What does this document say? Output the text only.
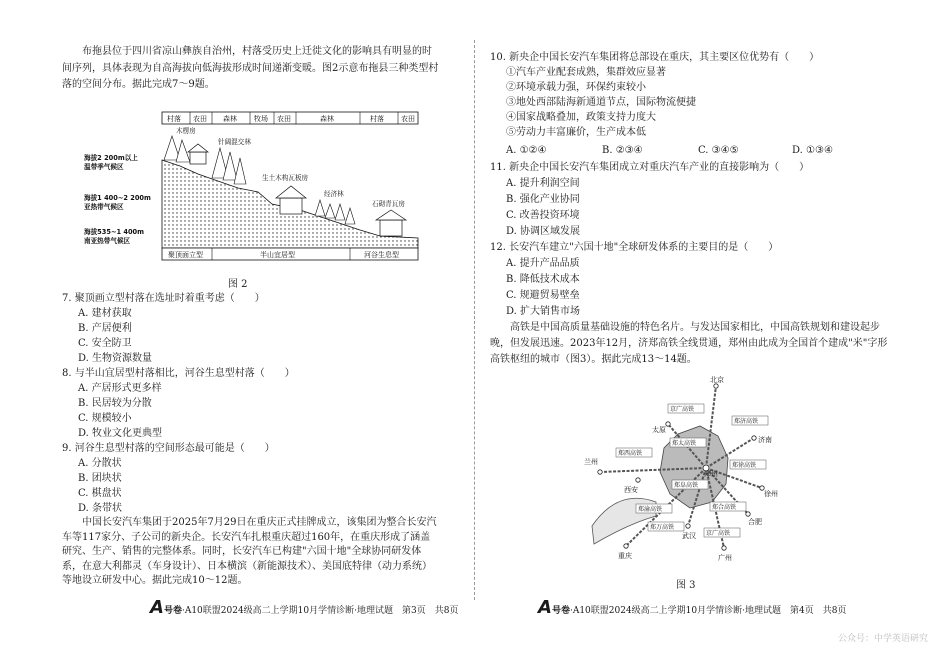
布拖县位于四川省凉山彝族自治州，村落受历史上迁徙文化的影响具有明显的时间序列，具体表现为自高海拔向低海拔形成时间递渐变暖。图2示意布拖县三种类型村落的空间分布。据此完成7～9题。
村落 农田 森林 牧场 农田	森林	村落 农田
海拔2 200m以上
温带季气候区
海拔1 400~2 200m
亚热带气候区
海拔535~1 400m
南亚热带气候区
木楞房
针阔混交林
生土木构瓦板房
经济林
石砌青瓦房
聚顶面立型	半山宜居型	河谷生息型
图 2
7. 聚顶画立型村落在选址时着重考虑（　　）
A. 建材获取
B. 产居便利
C. 安全防卫
D. 生物资源数量
8. 与半山宜居型村落相比，河谷生息型村落（　　）
A. 产居形式更多样
B. 民居较为分散
C. 规模较小
D. 牧业文化更典型
9. 河谷生息型村落的空间形态最可能是（　　）
A. 分散状
B. 团块状
C. 棋盘状
D. 条带状
中国长安汽车集团于2025年7月29日在重庆正式挂牌成立，该集团为整合长安汽车等117家分、子公司的新央企。长安汽车扎根重庆超过160年，在重庆形成了涵盖研究、生产、销售的完整体系。同时，长安汽车已构建"六国十地"全球协同研发体系，在意大利都灵（车身设计）、日本横滨（新能源技术）、美国底特律（动力系统）等地设立研发中心。据此完成10～12题。
A号卷·A10联盟2024级高二上学期10月学情诊断·地理试题　第3页　共8页
10. 新央企中国长安汽车集团将总部设在重庆，其主要区位优势有（　　）
①汽车产业配套成熟，集群效应显著
②环境承载力强，环保约束较小
③地处西部陆海新通道节点，国际物流便捷
④国家战略叠加，政策支持力度大
⑤劳动力丰富廉价，生产成本低
A. ①②④	B. ②③④	C. ③④⑤	D. ①③④
11. 新央企中国长安汽车集团成立对重庆汽车产业的直接影响为（　　）
A. 提升利润空间
B. 强化产业协同
C. 改善投资环境
D. 协调区域发展
12. 长安汽车建立"六国十地"全球研发体系的主要目的是（　　）
A. 提升产品品质
B. 降低技术成本
C. 规避贸易壁垒
D. 扩大销售市场
高铁是中国高质量基础设施的特色名片。与发达国家相比，中国高铁规划和建设起步晚，但发展迅速。2023年12月，济郑高铁全线贯通，郑州由此成为全国首个建成"米"字形高铁枢纽的城市（图3）。据此完成13～14题。
北京
太原
济南
兰州
郑州
徐州
西安
合肥
武汉
重庆	广州
京广高铁
郑济高铁
郑太高铁
郑西高铁
郑徐高铁
郑阜高铁
郑合高铁
郑渝高铁
郑万高铁
京广高铁
图 3
A号卷·A10联盟2024级高二上学期10月学情诊断·地理试题　第4页　共8页
公众号：中学英语研究
